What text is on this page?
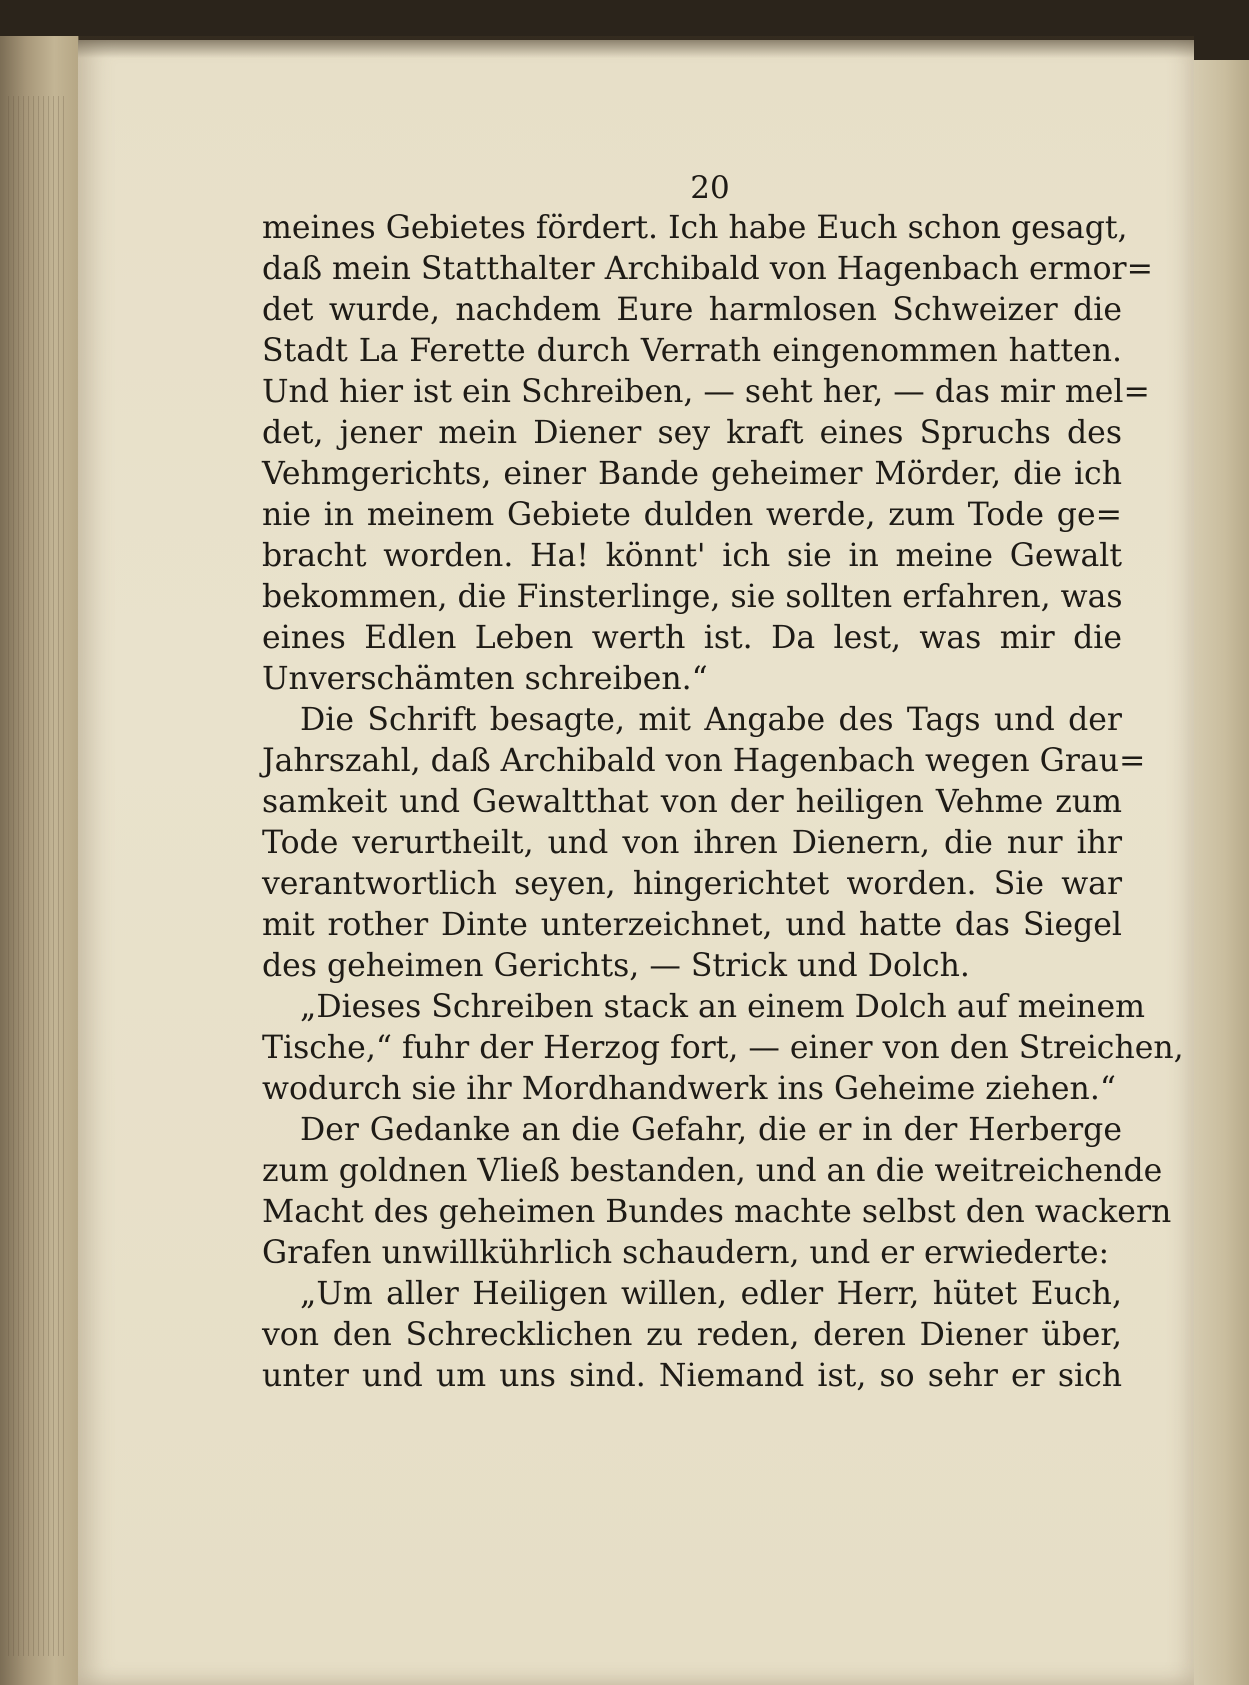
20
meines Gebietes fördert. Ich habe Euch schon gesagt,
daß mein Statthalter Archibald von Hagenbach ermor=
det wurde, nachdem Eure harmlosen Schweizer die
Stadt La Ferette durch Verrath eingenommen hatten.
Und hier ist ein Schreiben, — seht her, — das mir mel=
det, jener mein Diener sey kraft eines Spruchs des
Vehmgerichts, einer Bande geheimer Mörder, die ich
nie in meinem Gebiete dulden werde, zum Tode ge=
bracht worden. Ha! könnt' ich sie in meine Gewalt
bekommen, die Finsterlinge, sie sollten erfahren, was
eines Edlen Leben werth ist. Da lest, was mir die
Unverschämten schreiben.“
Die Schrift besagte, mit Angabe des Tags und der
Jahrszahl, daß Archibald von Hagenbach wegen Grau=
samkeit und Gewaltthat von der heiligen Vehme zum
Tode verurtheilt, und von ihren Dienern, die nur ihr
verantwortlich seyen, hingerichtet worden. Sie war
mit rother Dinte unterzeichnet, und hatte das Siegel
des geheimen Gerichts, — Strick und Dolch.
„Dieses Schreiben stack an einem Dolch auf meinem
Tische,“ fuhr der Herzog fort, — einer von den Streichen,
wodurch sie ihr Mordhandwerk ins Geheime ziehen.“
Der Gedanke an die Gefahr, die er in der Herberge
zum goldnen Vließ bestanden, und an die weitreichende
Macht des geheimen Bundes machte selbst den wackern
Grafen unwillkührlich schaudern, und er erwiederte:
„Um aller Heiligen willen, edler Herr, hütet Euch,
von den Schrecklichen zu reden, deren Diener über,
unter und um uns sind. Niemand ist, so sehr er sich
